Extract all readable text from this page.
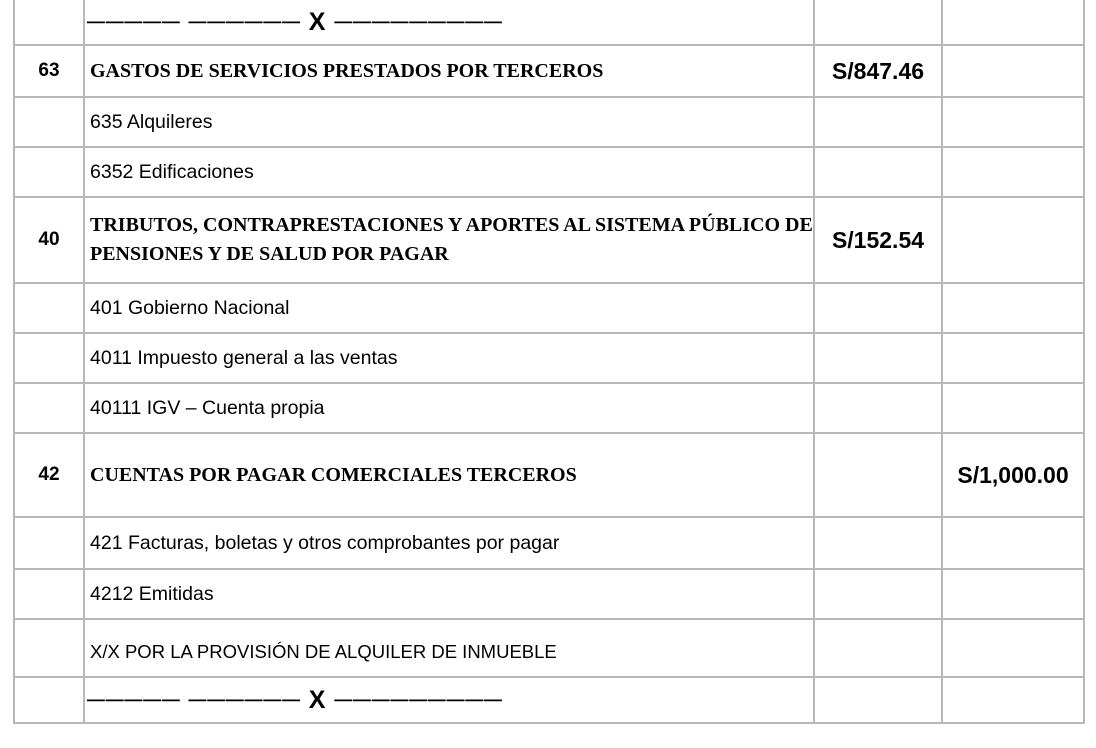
	───── ────── X ─────────		
63	GASTOS DE SERVICIOS PRESTADOS POR TERCEROS	S/847.46	
	635 Alquileres		
	6352 Edificaciones		
40	TRIBUTOS, CONTRAPRESTACIONES Y APORTES AL SISTEMA PÚBLICO DE PENSIONES Y DE SALUD POR PAGAR	S/152.54	
	401 Gobierno Nacional		
	4011 Impuesto general a las ventas		
	40111 IGV – Cuenta propia		
42	CUENTAS POR PAGAR COMERCIALES TERCEROS		S/1,000.00
	421 Facturas, boletas y otros comprobantes por pagar		
	4212 Emitidas		
	X/X POR LA PROVISIÓN DE ALQUILER DE INMUEBLE		
	───── ────── X ─────────		
